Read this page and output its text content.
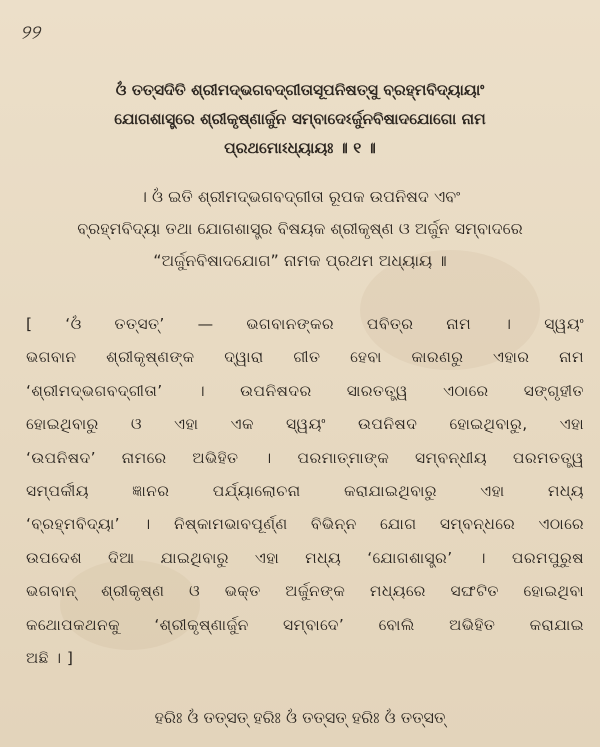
୨୨
ଓଁ ତତ୍ସଦିତି ଶ୍ରୀମଦ୍‌ଭଗବଦ୍‌ଗୀତାସୂପନିଷତ୍ସୁ ବ୍ରହ୍ମବିଦ୍ୟାୟାଂ
ଯୋଗଶାସ୍ତ୍ରେ ଶ୍ରୀକୃଷ୍ଣାର୍ଜୁନ ସମ୍ବାଦେଽର୍ଜୁନବିଷାଦଯୋଗୋ ନାମ
ପ୍ରଥମୋଽଧ୍ୟାୟଃ ॥ ୧ ॥
। ଓଁ ଇତି ଶ୍ରୀମଦ୍‌ଭଗବଦ୍‌ଗୀତା ରୂପକ ଉପନିଷଦ ଏବଂ
ବ୍ରହ୍ମବିଦ୍ୟା ତଥା ଯୋଗଶାସ୍ତ୍ର ବିଷୟକ ଶ୍ରୀକୃଷ୍ଣ ଓ ଅର୍ଜୁନ ସମ୍ବାଦରେ
“ଅର୍ଜୁନବିଷାଦଯୋଗ” ନାମକ ପ୍ରଥମ ଅଧ୍ୟାୟ ॥
[ ‘ଓଁ ତତ୍ସତ୍’ — ଭଗବାନଙ୍କର ପବିତ୍ର ନାମ । ସ୍ୱୟଂ
ଭଗବାନ ଶ୍ରୀକୃଷ୍ଣଙ୍କ ଦ୍ୱାରା ଗୀତ ହେବା କାରଣରୁ ଏହାର ନାମ
‘ଶ୍ରୀମଦ୍‌ଭଗବଦ୍‌ଗୀତା’ । ଉପନିଷଦର ସାରତତ୍ତ୍ୱ ଏଠାରେ ସଙ୍ଗୃହୀତ
ହୋଇଥିବାରୁ ଓ ଏହା ଏକ ସ୍ୱୟଂ ଉପନିଷଦ ହୋଇଥିବାରୁ, ଏହା
‘ଉପନିଷଦ’ ନାମରେ ଅଭିହିତ । ପରମାତ୍ମାଙ୍କ ସମ୍ବନ୍ଧୀୟ ପରମତତ୍ତ୍ୱ
ସମ୍ପର୍କୀୟ ଜ୍ଞାନର ପର୍ଯ୍ୟାଲୋଚନା କରାଯାଇଥିବାରୁ ଏହା ମଧ୍ୟ
‘ବ୍ରହ୍ମବିଦ୍ୟା’ । ନିଷ୍କାମଭାବପୂର୍ଣ୍ଣ ବିଭିନ୍ନ ଯୋଗ ସମ୍ବନ୍ଧରେ ଏଠାରେ
ଉପଦେଶ ଦିଆ ଯାଇଥିବାରୁ ଏହା ମଧ୍ୟ ‘ଯୋଗଶାସ୍ତ୍ର’ । ପରମପୁରୁଷ
ଭଗବାନ୍ ଶ୍ରୀକୃଷ୍ଣ ଓ ଭକ୍ତ ଅର୍ଜୁନଙ୍କ ମଧ୍ୟରେ ସଙ୍ଘଟିତ ହୋଇଥିବା
କଥୋପକଥନକୁ ‘ଶ୍ରୀକୃଷ୍ଣାର୍ଜୁନ ସମ୍ବାଦେ’ ବୋଲି ଅଭିହିତ କରାଯାଇ
ଅଛି । ]
ହରିଃ ଓଁ ତତ୍ସତ୍ ହରିଃ ଓଁ ତତ୍ସତ୍ ହରିଃ ଓଁ ତତ୍ସତ୍
